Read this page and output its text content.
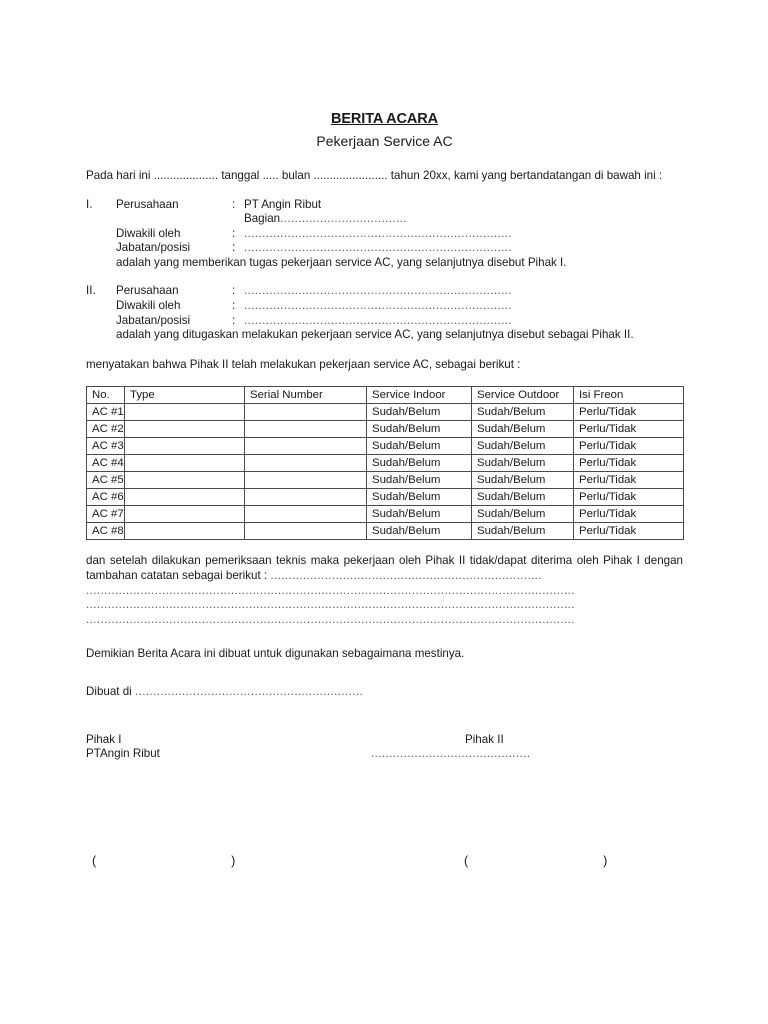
BERITA ACARA
Pekerjaan Service AC

Pada hari ini .................... tanggal ..... bulan ....................... tahun 20xx, kami yang bertandatangan di bawah ini :

I.	Perusahaan	: PT Angin Ribut
Bagian ...................................
Diwakili oleh	: ..........................................................................
Jabatan/posisi	: ..........................................................................
adalah yang memberikan tugas pekerjaan service AC, yang selanjutnya disebut Pihak I.
II.	Perusahaan	: ..........................................................................
Diwakili oleh	: ..........................................................................
Jabatan/posisi	: ..........................................................................
adalah yang ditugaskan melakukan pekerjaan service AC, yang selanjutnya disebut sebagai Pihak II.
menyatakan bahwa Pihak II telah melakukan pekerjaan service AC, sebagai berikut :
No.	Type	Serial Number	Service Indoor	Service Outdoor	Isi Freon
AC #1			Sudah/Belum	Sudah/Belum	Perlu/Tidak
AC #2			Sudah/Belum	Sudah/Belum	Perlu/Tidak
AC #3			Sudah/Belum	Sudah/Belum	Perlu/Tidak
AC #4			Sudah/Belum	Sudah/Belum	Perlu/Tidak
AC #5			Sudah/Belum	Sudah/Belum	Perlu/Tidak
AC #6			Sudah/Belum	Sudah/Belum	Perlu/Tidak
AC #7			Sudah/Belum	Sudah/Belum	Perlu/Tidak
AC #8			Sudah/Belum	Sudah/Belum	Perlu/Tidak
dan setelah dilakukan pemeriksaan teknis maka pekerjaan oleh Pihak II tidak/dapat diterima oleh Pihak I dengan tambahan catatan sebagai berikut : ...........................................................................
.......................................................................................................................................
.......................................................................................................................................
.......................................................................................................................................
Demikian Berita Acara ini dibuat untuk digunakan sebagaimana mestinya.
Dibuat di ...............................................................
Pihak I
PTAngin Ribut
Pihak II
............................................
(	)	(	)
